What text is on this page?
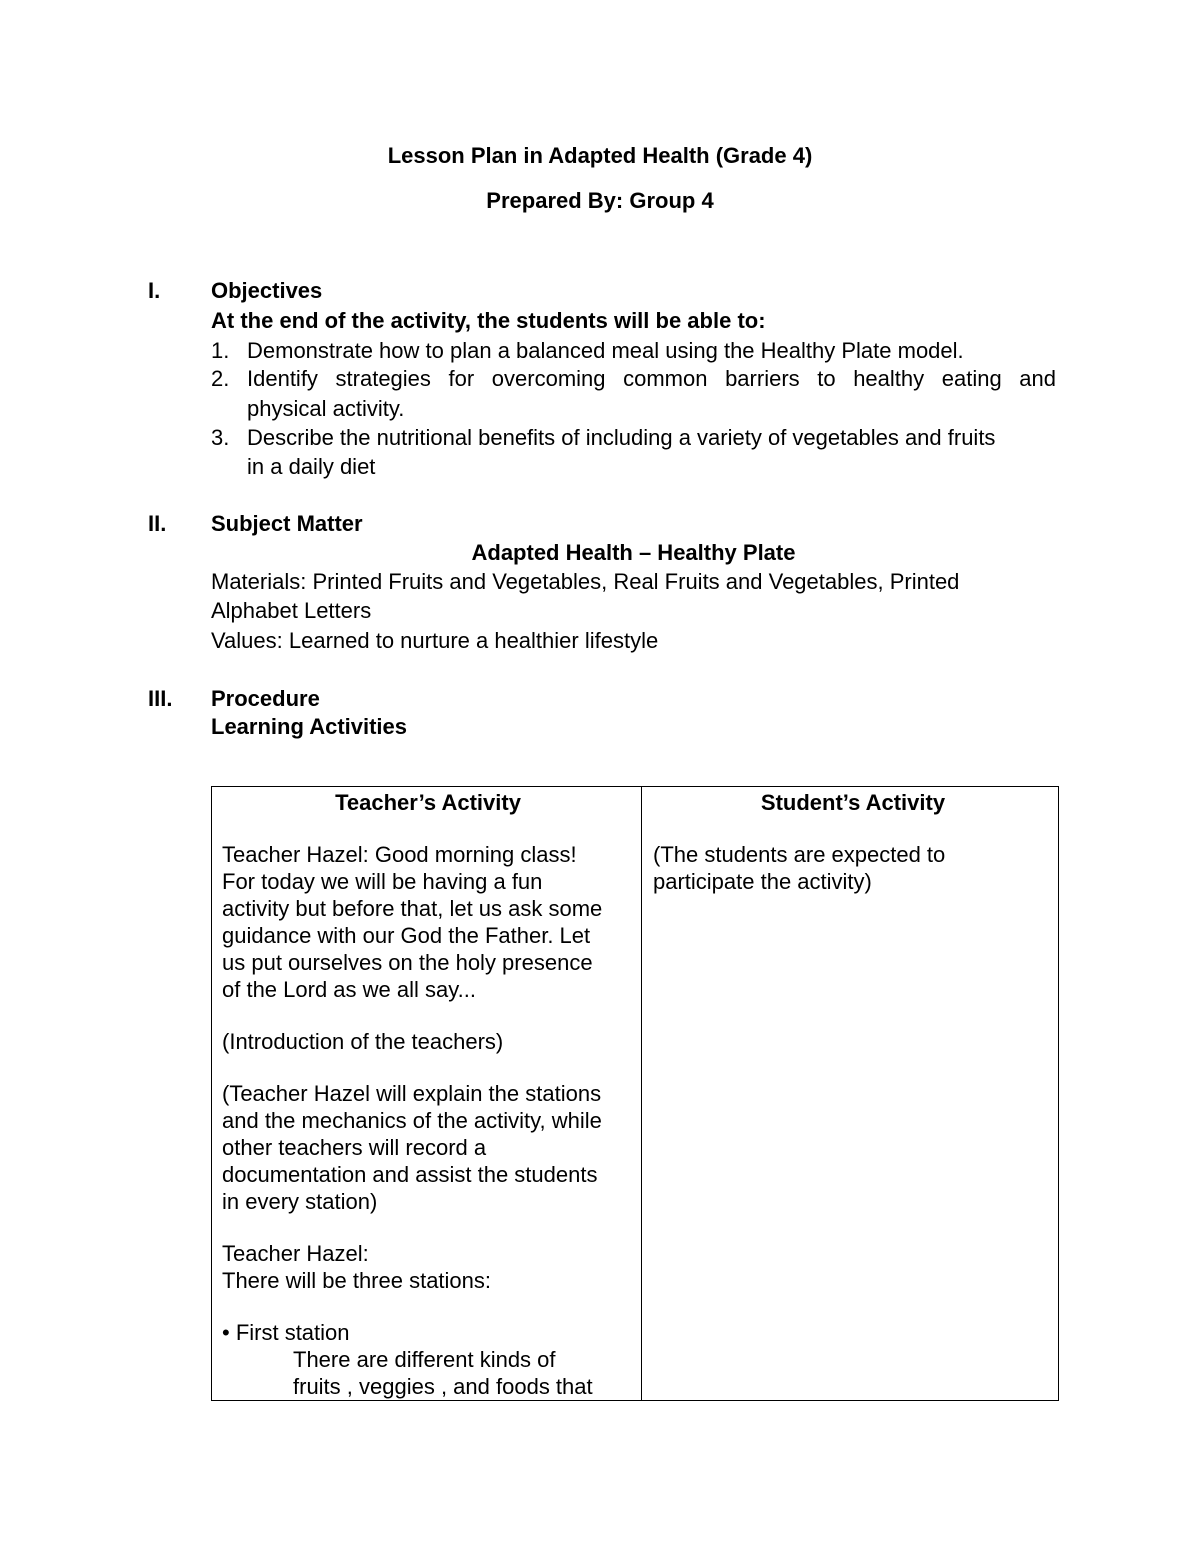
Lesson Plan in Adapted Health (Grade 4)
Prepared By: Group 4
I. Objectives
At the end of the activity, the students will be able to:
1. Demonstrate how to plan a balanced meal using the Healthy Plate model.
2. Identify strategies for overcoming common barriers to healthy eating and
physical activity.
3. Describe the nutritional benefits of including a variety of vegetables and fruits
in a daily diet
II. Subject Matter
Adapted Health – Healthy Plate
Materials: Printed Fruits and Vegetables, Real Fruits and Vegetables, Printed
Alphabet Letters
Values: Learned to nurture a healthier lifestyle
III. Procedure
Learning Activities
Teacher’s Activity
Teacher Hazel: Good morning class!
For today we will be having a fun
activity but before that, let us ask some
guidance with our God the Father. Let
us put ourselves on the holy presence
of the Lord as we all say...
(Introduction of the teachers)
(Teacher Hazel will explain the stations
and the mechanics of the activity, while
other teachers will record a
documentation and assist the students
in every station)
Teacher Hazel:
There will be three stations:
• First station
There are different kinds of
fruits , veggies , and foods that
Student’s Activity
(The students are expected to
participate the activity)
